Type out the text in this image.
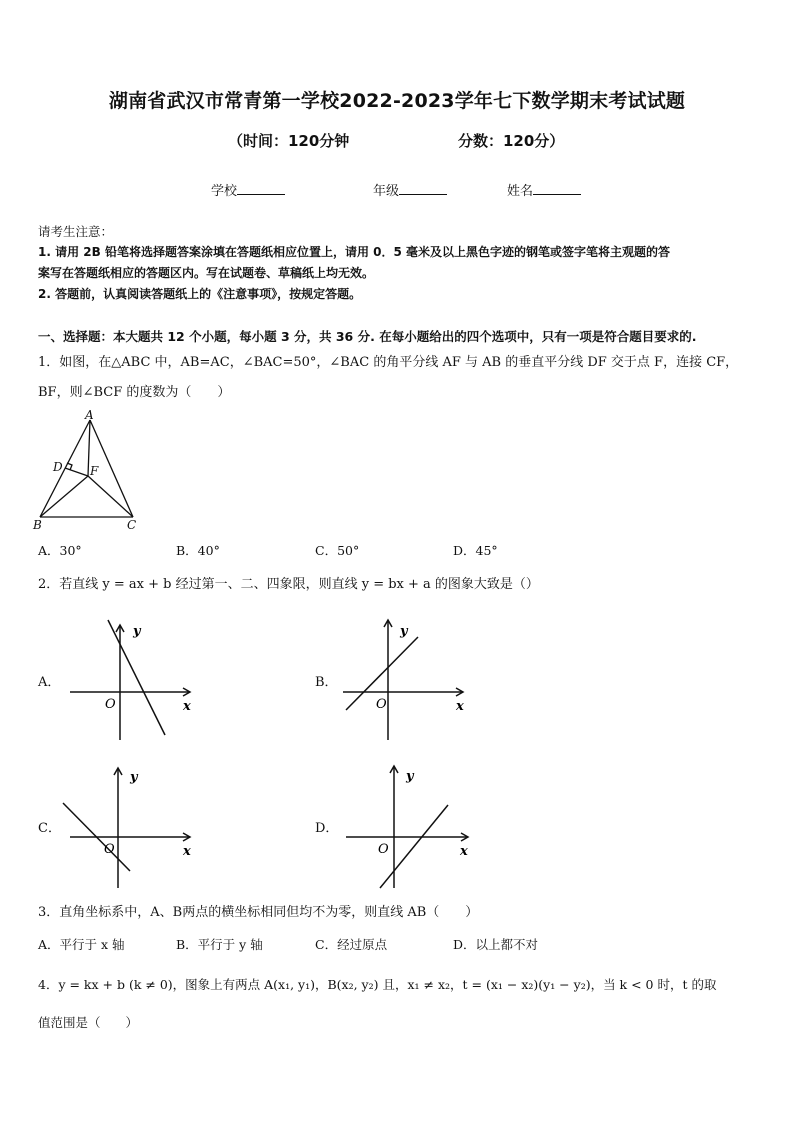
湖南省武汉市常青第一学校2022-2023学年七下数学期末考试试题
（时间：120分钟	分数：120分）
学校	年级	姓名
请考生注意：
1. 请用 2B 铅笔将选择题答案涂填在答题纸相应位置上，请用 0．5 毫米及以上黑色字迹的钢笔或签字笔将主观题的答
案写在答题纸相应的答题区内。写在试题卷、草稿纸上均无效。
2. 答题前，认真阅读答题纸上的《注意事项》，按规定答题。
一、选择题：本大题共 12 个小题，每小题 3 分，共 36 分. 在每小题给出的四个选项中，只有一项是符合题目要求的.
1．如图，在△ABC 中，AB=AC，∠BAC=50°，∠BAC 的角平分线 AF 与 AB 的垂直平分线 DF 交于点 F，连接 CF，
BF，则∠BCF 的度数为（　　）
A
B	C
D F
A．30°	B．40°	C．50°	D．45°
2．若直线 y = ax + b 经过第一、二、四象限，则直线 y = bx + a 的图象大致是（）
A．
y
x
O
B．
y
x
O
C．
y
x
O
D．
y
x
O
3．直角坐标系中，A、B两点的横坐标相同但均不为零，则直线 AB（　　）
A．平行于 x 轴	B．平行于 y 轴	C．经过原点	D．以上都不对
4．y = kx + b (k ≠ 0)，图象上有两点 A(x₁, y₁)，B(x₂, y₂) 且，x₁ ≠ x₂，t = (x₁ − x₂)(y₁ − y₂)，当 k < 0 时，t 的取
值范围是（　　）
